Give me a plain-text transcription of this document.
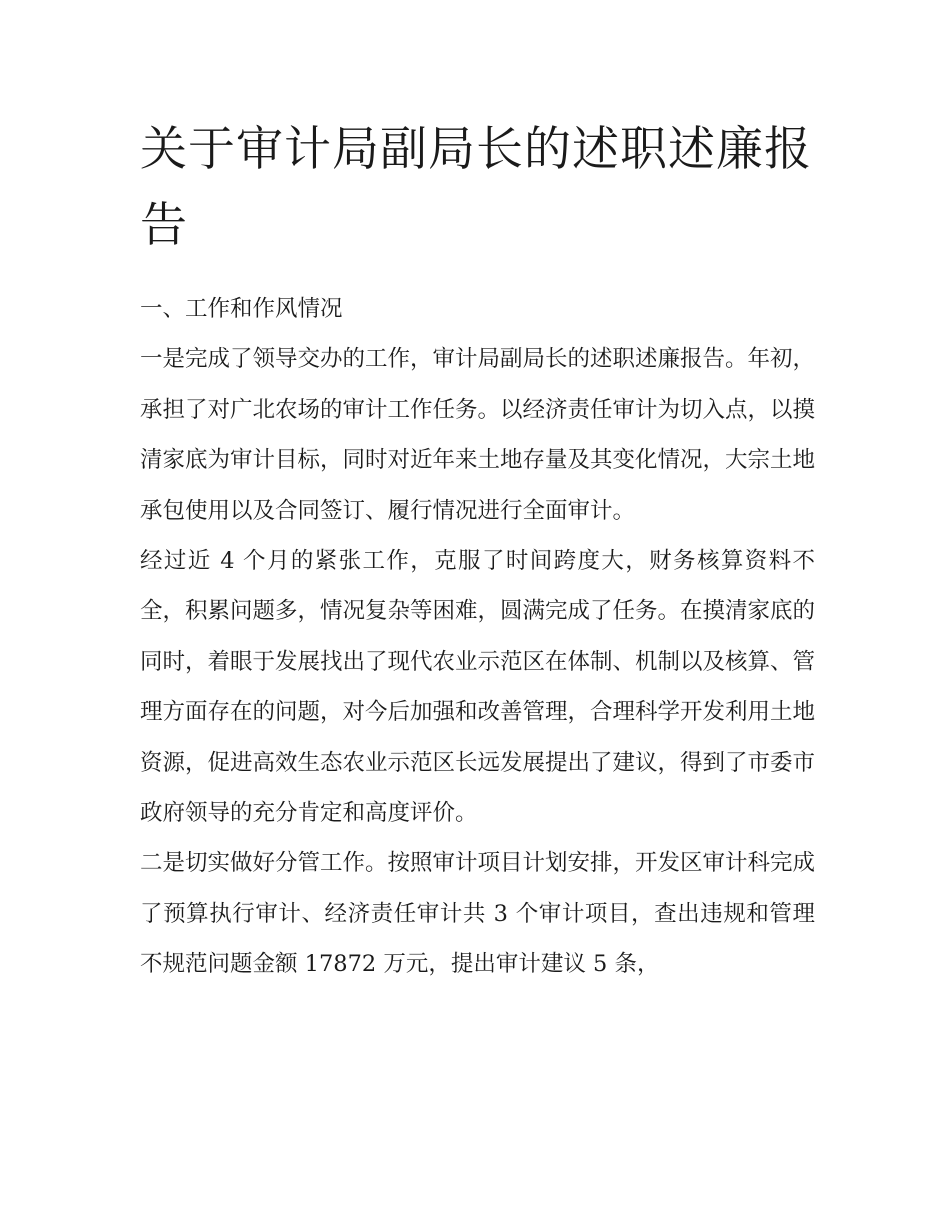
关于审计局副局长的述职述廉报告

一、工作和作风情况

一是完成了领导交办的工作，审计局副局长的述职述廉报告。年初，承担了对广北农场的审计工作任务。以经济责任审计为切入点，以摸清家底为审计目标，同时对近年来土地存量及其变化情况，大宗土地承包使用以及合同签订、履行情况进行全面审计。

经过近 4 个月的紧张工作，克服了时间跨度大，财务核算资料不全，积累问题多，情况复杂等困难，圆满完成了任务。在摸清家底的同时，着眼于发展找出了现代农业示范区在体制、机制以及核算、管理方面存在的问题，对今后加强和改善管理，合理科学开发利用土地资源，促进高效生态农业示范区长远发展提出了建议，得到了市委市政府领导的充分肯定和高度评价。

二是切实做好分管工作。按照审计项目计划安排，开发区审计科完成了预算执行审计、经济责任审计共 3 个审计项目，查出违规和管理不规范问题金额 17872 万元，提出审计建议 5 条，
